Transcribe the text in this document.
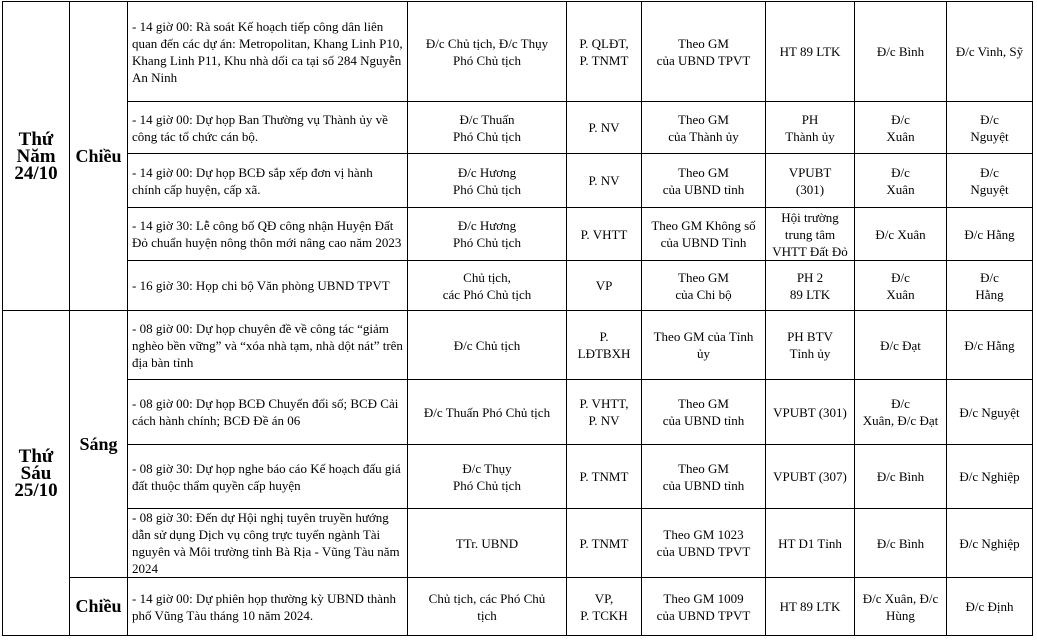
Thứ
Năm
24/10	Chiều	- 14 giờ 00: Rà soát Kế hoạch tiếp công dân liên quan đến các dự án: Metropolitan, Khang Linh P10, Khang Linh P11, Khu nhà dối ca tại số 284 Nguyễn An Ninh	Đ/c Chủ tịch, Đ/c Thụy
Phó Chủ tịch	P. QLĐT,
P. TNMT	Theo GM
của UBND TPVT	HT 89 LTK	Đ/c Bình	Đ/c Vinh, Sỹ

		- 14 giờ 00: Dự họp Ban Thường vụ Thành ủy về công tác tổ chức cán bộ.	Đ/c Thuấn
Phó Chủ tịch	P. NV	Theo GM
của Thành ủy	PH
Thành ủy	Đ/c
Xuân	Đ/c
Nguyệt

		- 14 giờ 00: Dự họp BCĐ sắp xếp đơn vị hành chính cấp huyện, cấp xã.	Đ/c Hương
Phó Chủ tịch	P. NV	Theo GM
của UBND tỉnh	VPUBT
(301)	Đ/c
Xuân	Đ/c
Nguyệt

		- 14 giờ 30: Lễ công bố QĐ công nhận Huyện Đất Đỏ chuẩn huyện nông thôn mới nâng cao năm 2023	Đ/c Hương
Phó Chủ tịch	P. VHTT	Theo GM Không số
của UBND Tỉnh	Hội trường
trung tâm
VHTT Đất Đỏ	Đ/c Xuân	Đ/c Hằng

		- 16 giờ 30: Họp chi bộ Văn phòng UBND TPVT	Chủ tịch,
các Phó Chủ tịch	VP	Theo GM
của Chi bộ	PH 2
89 LTK	Đ/c
Xuân	Đ/c
Hằng

Thứ
Sáu
25/10	Sáng	- 08 giờ 00: Dự họp chuyên đề về công tác “giảm nghèo bền vững” và “xóa nhà tạm, nhà dột nát” trên địa bàn tỉnh	Đ/c Chủ tịch	P.
LĐTBXH	Theo GM của Tỉnh ủy	PH BTV
Tỉnh ủy	Đ/c Đạt	Đ/c Hằng

		- 08 giờ 00: Dự họp BCĐ Chuyển đổi số; BCĐ Cải cách hành chính; BCĐ Đề án 06	Đ/c Thuấn Phó Chủ tịch	P. VHTT,
P. NV	Theo GM
của UBND tỉnh	VPUBT (301)	Đ/c
Xuân, Đ/c Đạt	Đ/c Nguyệt

		- 08 giờ 30: Dự họp nghe báo cáo Kế hoạch đấu giá đất thuộc thẩm quyền cấp huyện	Đ/c Thụy
Phó Chủ tịch	P. TNMT	Theo GM
của UBND tỉnh	VPUBT (307)	Đ/c Bình	Đ/c Nghiệp

		- 08 giờ 30: Đến dự Hội nghị tuyên truyền hướng dẫn sử dụng Dịch vụ công trực tuyến ngành Tài nguyên và Môi trường tỉnh Bà Rịa - Vũng Tàu năm 2024	TTr. UBND	P. TNMT	Theo GM 1023
của UBND TPVT	HT D1 Tỉnh	Đ/c Bình	Đ/c Nghiệp

	Chiều	- 14 giờ 00: Dự phiên họp thường kỳ UBND thành phố Vũng Tàu tháng 10 năm 2024.	Chủ tịch, các Phó Chủ
tịch	VP,
P. TCKH	Theo GM 1009
của UBND TPVT	HT 89 LTK	Đ/c Xuân, Đ/c
Hùng	Đ/c Định
